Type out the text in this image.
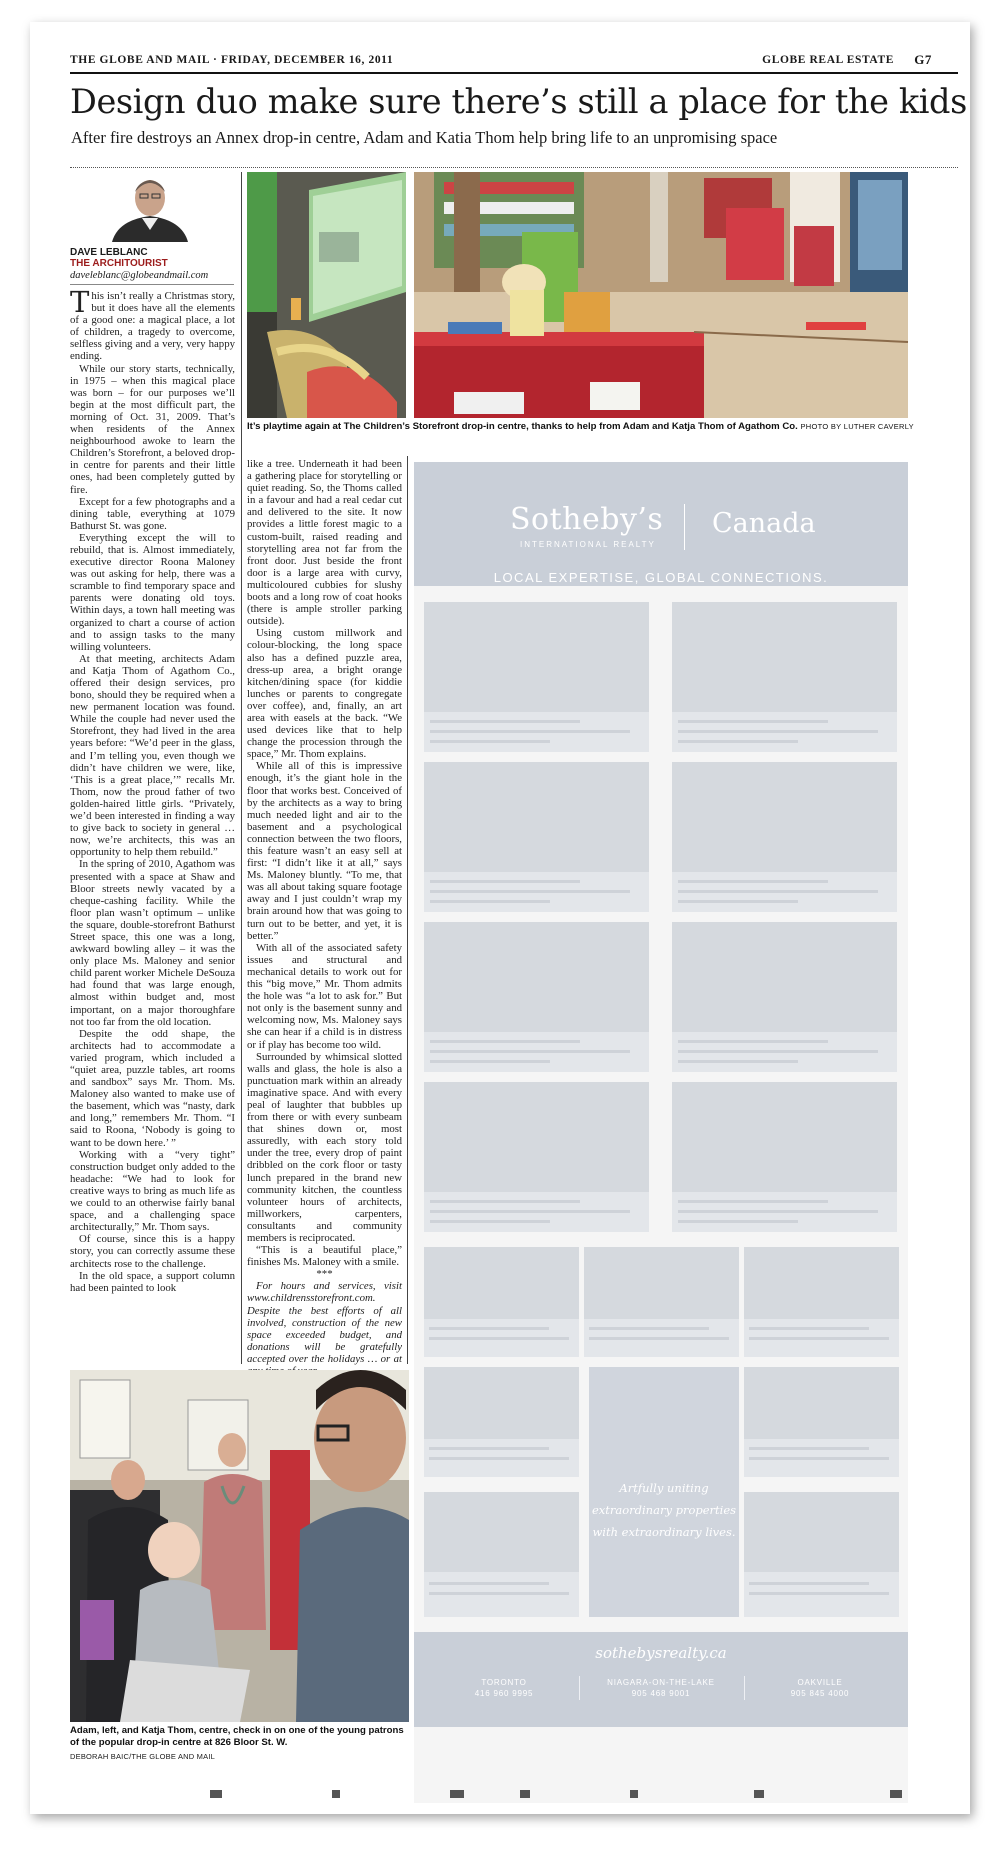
THE GLOBE AND MAIL · FRIDAY, DECEMBER 16, 2011	GLOBE REAL ESTATE G7
Design duo make sure there’s still a place for the kids
After fire destroys an Annex drop-in centre, Adam and Katia Thom help bring life to an unpromising space
DAVE LEBLANC
THE ARCHITOURIST
daveleblanc@globeandmail.com

This isn’t really a Christmas story, but it does have all the elements of a good one: a magical place, a lot of children, a tragedy to overcome, selfless giving and a very, very happy ending.

While our story starts, technically, in 1975 – when this magical place was born – for our purposes we’ll begin at the most difficult part, the morning of Oct. 31, 2009. That’s when residents of the Annex neighbourhood awoke to learn the Children’s Storefront, a beloved drop-in centre for parents and their little ones, had been completely gutted by fire.

Except for a few photographs and a dining table, everything at 1079 Bathurst St. was gone.

Everything except the will to rebuild, that is. Almost immediately, executive director Roona Maloney was out asking for help, there was a scramble to find temporary space and parents were donating old toys. Within days, a town hall meeting was organized to chart a course of action and to assign tasks to the many willing volunteers.

At that meeting, architects Adam and Katja Thom of Agathom Co., offered their design services, pro bono, should they be required when a new permanent location was found. While the couple had never used the Storefront, they had lived in the area years before: “We’d peer in the glass, and I’m telling you, even though we didn’t have children we were, like, ‘This is a great place,’” recalls Mr. Thom, now the proud father of two golden-haired little girls. “Privately, we’d been interested in finding a way to give back to society in general … now, we’re architects, this was an opportunity to help them rebuild.”

In the spring of 2010, Agathom was presented with a space at Shaw and Bloor streets newly vacated by a cheque-cashing facility. While the floor plan wasn’t optimum – unlike the square, double-storefront Bathurst Street space, this one was a long, awkward bowling alley – it was the only place Ms. Maloney and senior child parent worker Michele DeSouza had found that was large enough, almost within budget and, most important, on a major thoroughfare not too far from the old location.

Despite the odd shape, the architects had to accommodate a varied program, which included a “quiet area, puzzle tables, art rooms and sandbox” says Mr. Thom. Ms. Maloney also wanted to make use of the basement, which was “nasty, dark and long,” remembers Mr. Thom. “I said to Roona, ‘Nobody is going to want to be down here.’ ”

Working with a “very tight” construction budget only added to the headache: “We had to look for creative ways to bring as much life as we could to an otherwise fairly banal space, and a challenging space architecturally,” Mr. Thom says.

Of course, since this is a happy story, you can correctly assume these architects rose to the challenge.

In the old space, a support column had been painted to look

like a tree. Underneath it had been a gathering place for storytelling or quiet reading. So, the Thoms called in a favour and had a real cedar cut and delivered to the site. It now provides a little forest magic to a custom-built, raised reading and storytelling area not far from the front door. Just beside the front door is a large area with curvy, multicoloured cubbies for slushy boots and a long row of coat hooks (there is ample stroller parking outside).

Using custom millwork and colour-blocking, the long space also has a defined puzzle area, dress-up area, a bright orange kitchen/dining space (for kiddie lunches or parents to congregate over coffee), and, finally, an art area with easels at the back. “We used devices like that to help change the procession through the space,” Mr. Thom explains.

While all of this is impressive enough, it’s the giant hole in the floor that works best. Conceived of by the architects as a way to bring much needed light and air to the basement and a psychological connection between the two floors, this feature wasn’t an easy sell at first: “I didn’t like it at all,” says Ms. Maloney bluntly. “To me, that was all about taking square footage away and I just couldn’t wrap my brain around how that was going to turn out to be better, and yet, it is better.”

With all of the associated safety issues and structural and mechanical details to work out for this “big move,” Mr. Thom admits the hole was “a lot to ask for.” But not only is the basement sunny and welcoming now, Ms. Maloney says she can hear if a child is in distress or if play has become too wild.

Surrounded by whimsical slotted walls and glass, the hole is also a punctuation mark within an already imaginative space. And with every peal of laughter that bubbles up from there or with every sunbeam that shines down or, most assuredly, with each story told under the tree, every drop of paint dribbled on the cork floor or tasty lunch prepared in the brand new community kitchen, the countless volunteer hours of architects, millworkers, carpenters, consultants and community members is reciprocated.

“This is a beautiful place,” finishes Ms. Maloney with a smile.

***

For hours and services, visit www.childrensstorefront.com. Despite the best efforts of all involved, construction of the new space exceeded budget, and donations will be gratefully accepted over the holidays … or at

It’s playtime again at The Children’s Storefront drop-in centre, thanks to help from Adam and Katja Thom of Agathom Co. PHOTO BY LUTHER CAVERLY
Adam, left, and Katja Thom, centre, check in on one of the young patrons of the popular drop-in centre at 826 Bloor St. W.
DEBORAH BAIC/THE GLOBE AND MAIL
Sotheby’s
INTERNATIONAL REALTY
Canada
LOCAL EXPERTISE, GLOBAL CONNECTIONS.
Artfully uniting extraordinary properties with extraordinary lives.
sothebysrealty.ca
TORONTO
416 960 9995
NIAGARA-ON-THE-LAKE
905 468 9001
OAKVILLE
905 845 4000
